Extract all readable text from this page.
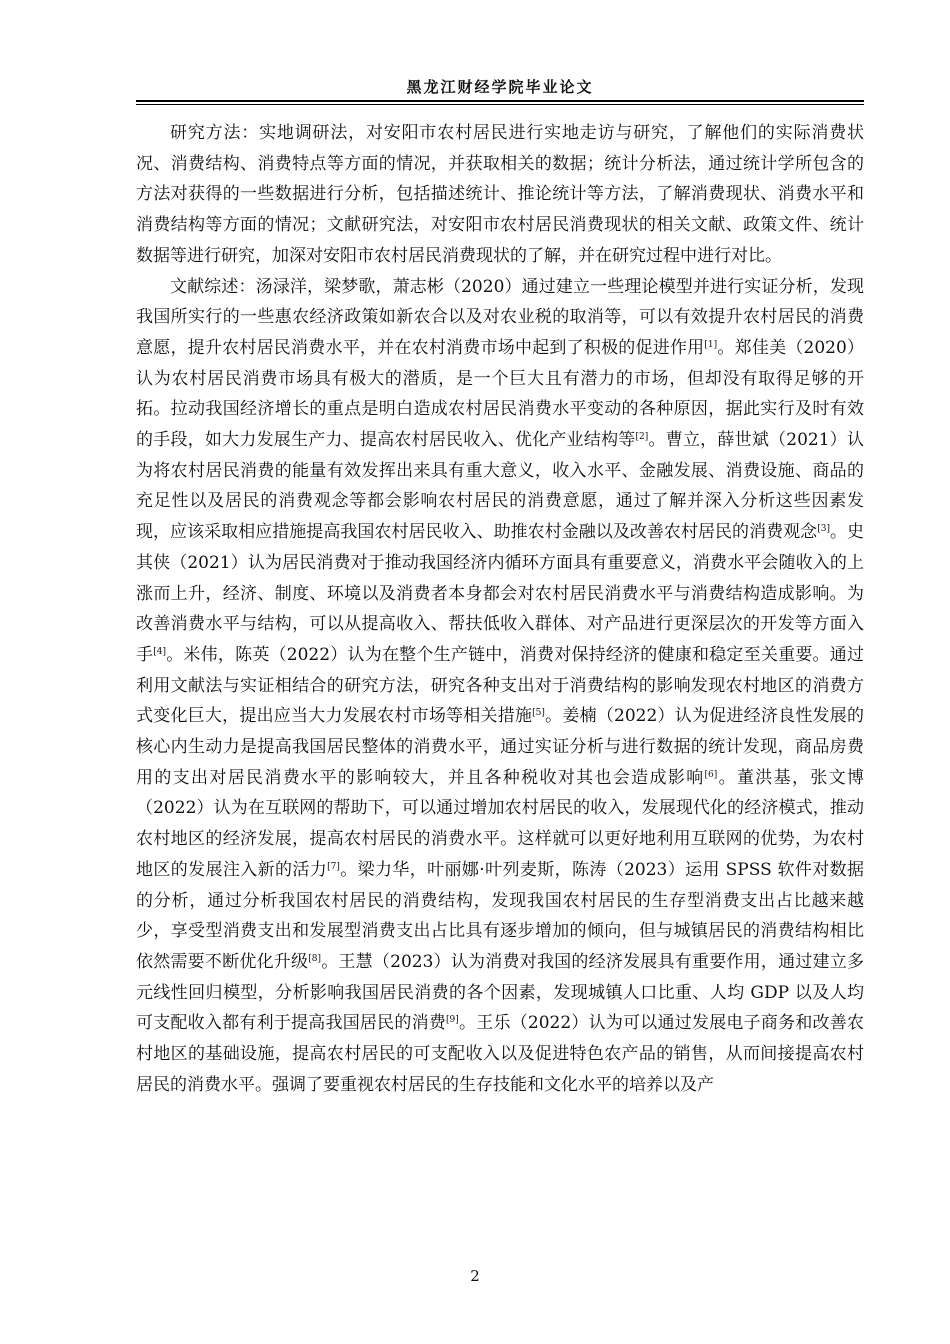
黑龙江财经学院毕业论文

研究方法：实地调研法，对安阳市农村居民进行实地走访与研究，了解他们的实际消费状况、消费结构、消费特点等方面的情况，并获取相关的数据；统计分析法，通过统计学所包含的方法对获得的一些数据进行分析，包括描述统计、推论统计等方法，了解消费现状、消费水平和消费结构等方面的情况；文献研究法，对安阳市农村居民消费现状的相关文献、政策文件、统计数据等进行研究，加深对安阳市农村居民消费现状的了解，并在研究过程中进行对比。

文献综述：汤渌洋，梁梦歌，萧志彬（2020）通过建立一些理论模型并进行实证分析，发现我国所实行的一些惠农经济政策如新农合以及对农业税的取消等，可以有效提升农村居民的消费意愿，提升农村居民消费水平，并在农村消费市场中起到了积极的促进作用[1]。郑佳美（2020）认为农村居民消费市场具有极大的潜质，是一个巨大且有潜力的市场，但却没有取得足够的开拓。拉动我国经济增长的重点是明白造成农村居民消费水平变动的各种原因，据此实行及时有效的手段，如大力发展生产力、提高农村居民收入、优化产业结构等[2]。曹立，薛世斌（2021）认为将农村居民消费的能量有效发挥出来具有重大意义，收入水平、金融发展、消费设施、商品的充足性以及居民的消费观念等都会影响农村居民的消费意愿，通过了解并深入分析这些因素发现，应该采取相应措施提高我国农村居民收入、助推农村金融以及改善农村居民的消费观念[3]。史其侠（2021）认为居民消费对于推动我国经济内循环方面具有重要意义，消费水平会随收入的上涨而上升，经济、制度、环境以及消费者本身都会对农村居民消费水平与消费结构造成影响。为改善消费水平与结构，可以从提高收入、帮扶低收入群体、对产品进行更深层次的开发等方面入手[4]。米伟，陈英（2022）认为在整个生产链中，消费对保持经济的健康和稳定至关重要。通过利用文献法与实证相结合的研究方法，研究各种支出对于消费结构的影响发现农村地区的消费方式变化巨大，提出应当大力发展农村市场等相关措施[5]。姜楠（2022）认为促进经济良性发展的核心内生动力是提高我国居民整体的消费水平，通过实证分析与进行数据的统计发现，商品房费用的支出对居民消费水平的影响较大，并且各种税收对其也会造成影响[6]。董洪基，张文博（2022）认为在互联网的帮助下，可以通过增加农村居民的收入，发展现代化的经济模式，推动农村地区的经济发展，提高农村居民的消费水平。这样就可以更好地利用互联网的优势，为农村地区的发展注入新的活力[7]。梁力华，叶丽娜·叶列麦斯，陈涛（2023）运用 SPSS 软件对数据的分析，通过分析我国农村居民的消费结构，发现我国农村居民的生存型消费支出占比越来越少，享受型消费支出和发展型消费支出占比具有逐步增加的倾向，但与城镇居民的消费结构相比依然需要不断优化升级[8]。王慧（2023）认为消费对我国的经济发展具有重要作用，通过建立多元线性回归模型，分析影响我国居民消费的各个因素，发现城镇人口比重、人均 GDP 以及人均可支配收入都有利于提高我国居民的消费[9]。王乐（2022）认为可以通过发展电子商务和改善农村地区的基础设施，提高农村居民的可支配收入以及促进特色农产品的销售，从而间接提高农村居民的消费水平。强调了要重视农村居民的生存技能和文化水平的培养以及产

2
